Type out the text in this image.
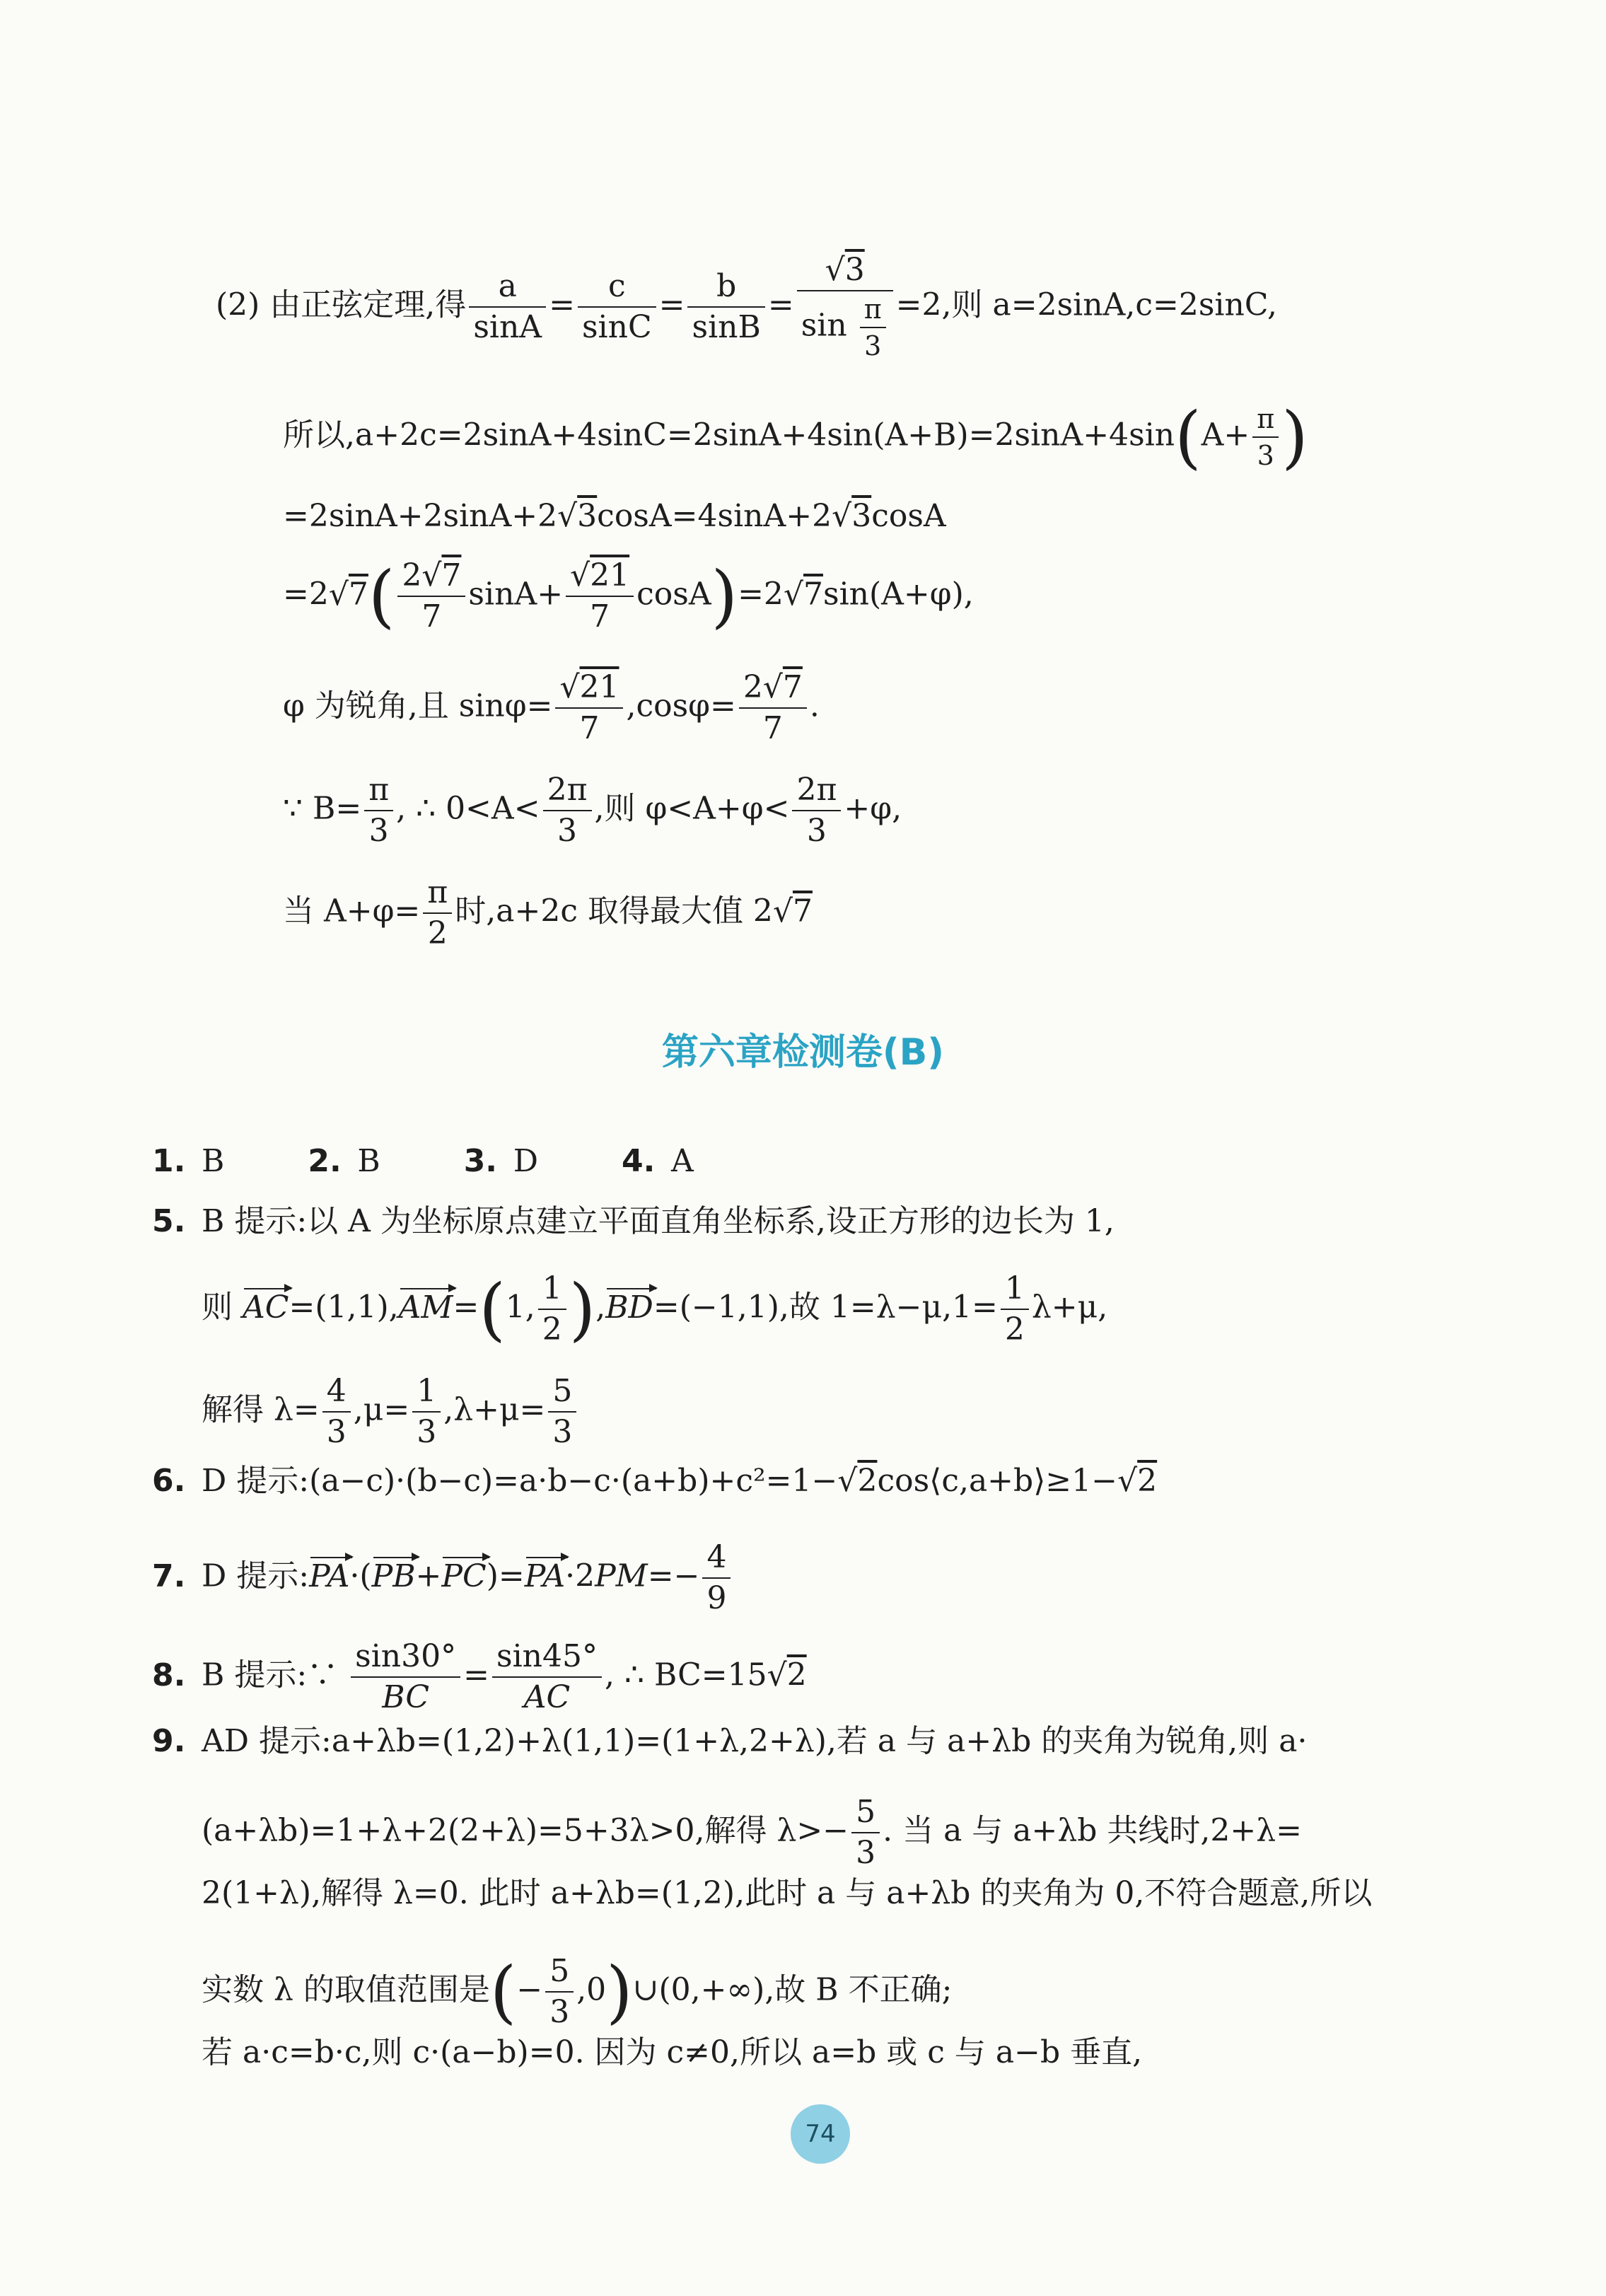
(2) 由正弦定理,得 $\frac{a}{\sin A} = \frac{c}{\sin C} = \frac{b}{\sin B}$ = √ $\frac{3}{\sin \frac{\pi}{3}} =2$,则 a=2sinA,c=2sinC,
所以$,a+2c=2\sin A+4\sin C=2\sin A+4\sin(A+B)=2\sin A+4\sin(A+ \frac{\pi}{3}$ )
=2sinA+2sinA+2 √ 3cosA=4sinA+2 √ 3cosA
=2 √ $7( \frac{2 √ 7}{7} \sin A+$ √ $\frac{21}{7} \cos A)=2$ √ 7sin(A+φ),
φ 为锐角,且 sinφ= √ $\frac{21}{7} ,\cos\varphi= \frac{2 √ 7}{7}$ .
∵ $B= \frac{\pi}{3}$ , ∴ $0<A< \frac{2\pi}{3}$ ,则 $\varphi<A+\varphi< \frac{2\pi}{3} +\varphi$,
当 $A+\varphi= \frac{\pi}{2}$ 时,a+2c 取得最大值 2 √ 7
第六章检测卷(B)
1. B	2. B	3. D	4. A
5. B 提示:以 A 为坐标原点建立平面直角坐标系,设正方形的边长为 1,
则 AC=(1,1),AM=(1, $\frac{1}{2} ),BD=(-1,1)$,故 $1=\lambda-\mu,1= \frac{1}{2} \lambda+\mu$,
解得 $\lambda= \frac{4}{3} ,\mu= \frac{1}{3} ,\lambda+\mu= \frac{5}{3}$
6. D 提示:(a−c)·(b−c)=a·b−c·(a+b)+c²=1− √ 2cos⟨c,a+b⟩≥1− √ 2
7. D 提示:PA·(PB+PC)=PA·2PM=− $\frac{4}{9}$
8. B 提示:∵ $\frac{\sin 30^\circ}{BC} = \frac{\sin 45^\circ}{AC}$ , ∴ BC=15 √ 2
9. AD 提示:a+λb=(1,2)+λ(1,1)=(1+λ,2+λ),若 a 与 a+λb 的夹角为锐角,则 a·
(a+λb)=1+λ+2(2+λ)=5+3λ>0,解得 $\lambda>- \frac{5}{3}$ . 当 a 与 a+λb 共线时,2+λ=
2(1+λ),解得 λ=0. 此时 a+λb=(1,2),此时 a 与 a+λb 的夹角为 0,不符合题意,所以
实数 λ 的取值范围是(− $\frac{5}{3}$ ,0)∪(0,+∞),故 B 不正确;
若 a·c=b·c,则 c·(a−b)=0. 因为 c≠0,所以 a=b 或 c 与 a−b 垂直,
74
